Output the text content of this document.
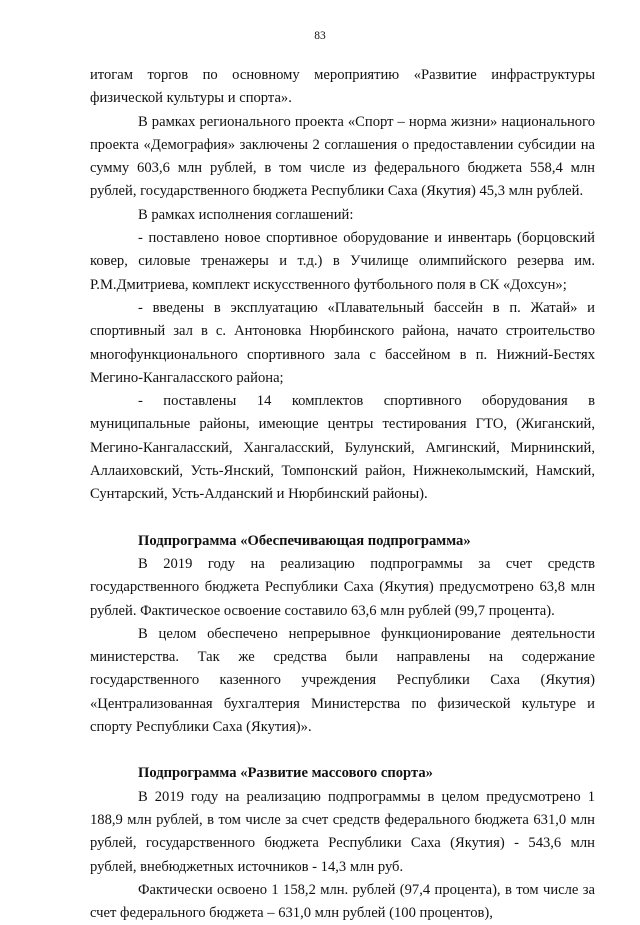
83

итогам торгов по основному мероприятию «Развитие инфраструктуры физической культуры и спорта».

В рамках регионального проекта «Спорт – норма жизни» национального проекта «Демография» заключены 2 соглашения о предоставлении субсидии на сумму 603,6 млн рублей, в том числе из федерального бюджета 558,4 млн рублей, государственного бюджета Республики Саха (Якутия) 45,3 млн рублей.

В рамках исполнения соглашений:

- поставлено новое спортивное оборудование и инвентарь (борцовский ковер, силовые тренажеры и т.д.) в Училище олимпийского резерва им. Р.М.Дмитриева, комплект искусственного футбольного поля в СК «Дохсун»;

- введены в эксплуатацию «Плавательный бассейн в п. Жатай» и спортивный зал в с. Антоновка Нюрбинского района, начато строительство многофункционального спортивного зала с бассейном в п. Нижний-Бестях Мегино-Кангаласского района;

- поставлены 14 комплектов спортивного оборудования в муниципальные районы, имеющие центры тестирования ГТО, (Жиганский, Мегино-Кангаласский, Хангаласский, Булунский, Амгинский, Мирнинский, Аллаиховский, Усть-Янский, Томпонский район, Нижнеколымский, Намский, Сунтарский, Усть-Алданский и Нюрбинский районы).

Подпрограмма «Обеспечивающая подпрограмма»

В 2019 году на реализацию подпрограммы за счет средств государственного бюджета Республики Саха (Якутия) предусмотрено 63,8 млн рублей. Фактическое освоение составило 63,6 млн рублей (99,7 процента).

В целом обеспечено непрерывное функционирование деятельности министерства. Так же средства были направлены на содержание государственного казенного учреждения Республики Саха (Якутия) «Централизованная бухгалтерия Министерства по физической культуре и спорту Республики Саха (Якутия)».

Подпрограмма «Развитие массового спорта»

В 2019 году на реализацию подпрограммы в целом предусмотрено 1 188,9 млн рублей, в том числе за счет средств федерального бюджета 631,0 млн рублей, государственного бюджета Республики Саха (Якутия) - 543,6 млн рублей, внебюджетных источников - 14,3 млн руб.

Фактически освоено 1 158,2 млн. рублей (97,4 процента), в том числе за счет федерального бюджета – 631,0 млн рублей (100 процентов),
